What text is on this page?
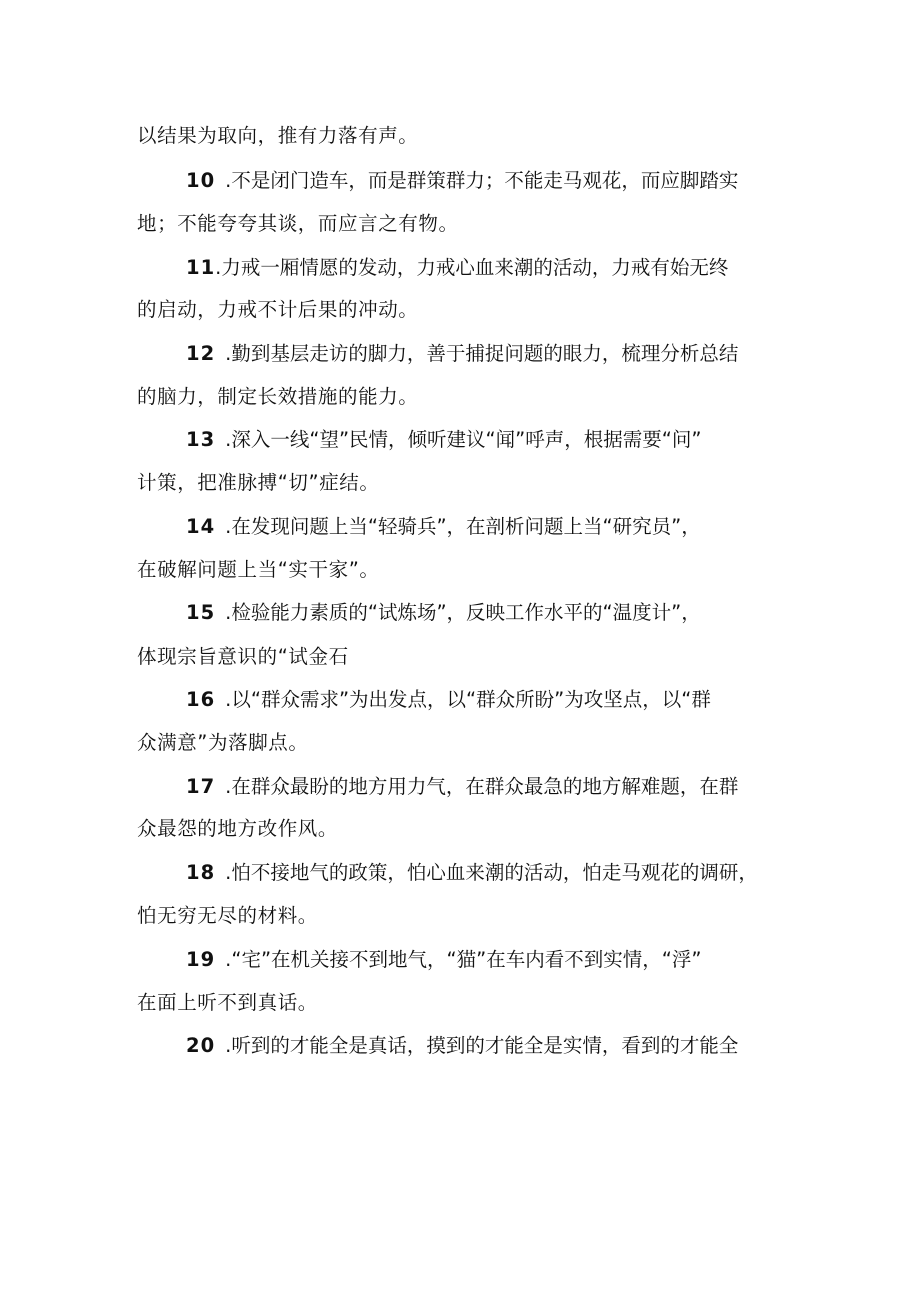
以结果为取向，推有力落有声。
10 .不是闭门造车，而是群策群力；不能走马观花，而应脚踏实
地；不能夸夸其谈，而应言之有物。
11.力戒一厢情愿的发动，力戒心血来潮的活动，力戒有始无终
的启动，力戒不计后果的冲动。
12 .勤到基层走访的脚力，善于捕捉问题的眼力，梳理分析总结
的脑力，制定长效措施的能力。
13 .深入一线“望”民情，倾听建议“闻”呼声，根据需要“问”
计策，把准脉搏“切”症结。
14 .在发现问题上当“轻骑兵”，在剖析问题上当“研究员”，
在破解问题上当“实干家”。
15 .检验能力素质的“试炼场”，反映工作水平的“温度计”，
体现宗旨意识的“试金石
16 .以“群众需求”为出发点，以“群众所盼”为攻坚点，以“群
众满意”为落脚点。
17 .在群众最盼的地方用力气，在群众最急的地方解难题，在群
众最怨的地方改作风。
18 .怕不接地气的政策，怕心血来潮的活动，怕走马观花的调研，
怕无穷无尽的材料。
19 .“宅”在机关接不到地气，“猫”在车内看不到实情，“浮”
在面上听不到真话。
20 .听到的才能全是真话，摸到的才能全是实情，看到的才能全
